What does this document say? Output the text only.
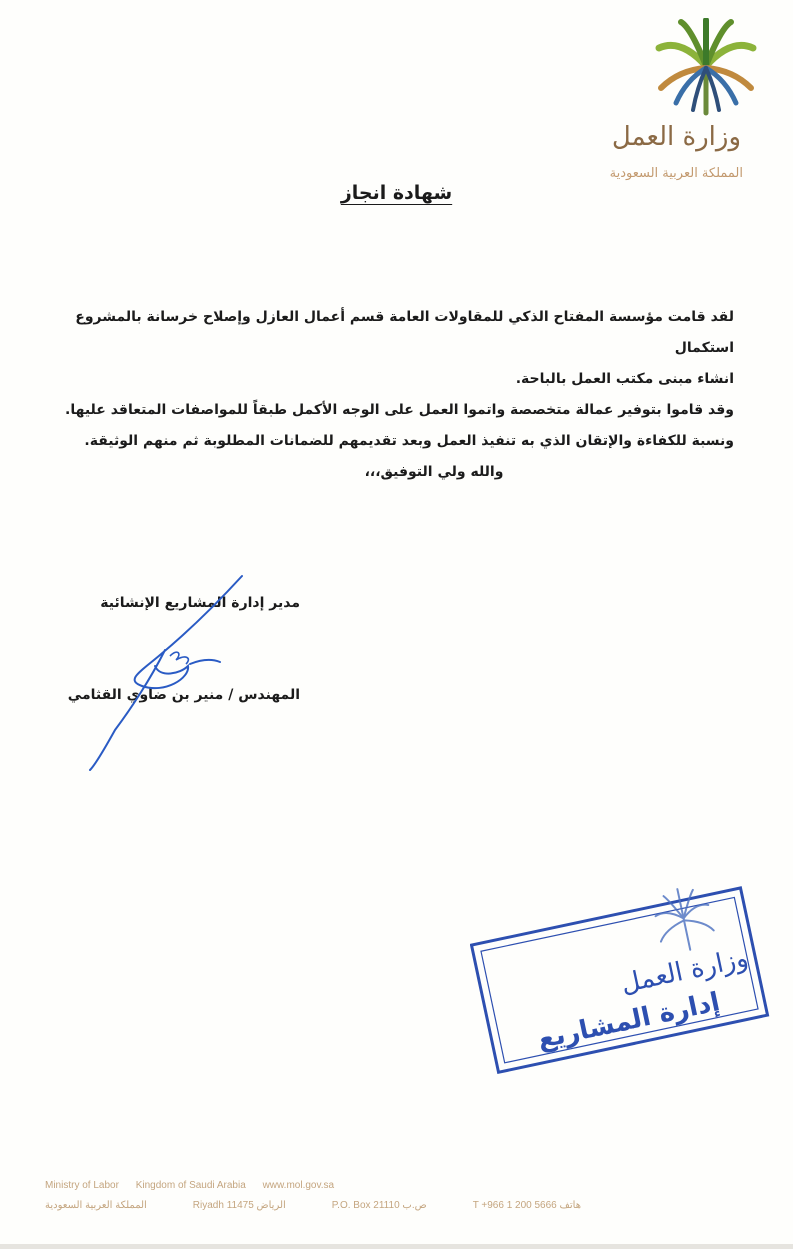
وزارة العمل
المملكة العربية السعودية
شهادة انجاز

لقد قامت مؤسسة المفتاح الذكي للمقاولات العامة قسم أعمال العازل وإصلاح خرسانة بالمشروع استكمال

انشاء مبنى مكتب العمل بالباحة.

وقد قاموا بتوفير عمالة متخصصة واتموا العمل على الوجه الأكمل طبقاً للمواصفات المتعاقد عليها.

ونسبة للكفاءة والإتقان الذي به تنفيذ العمل وبعد تقديمهم للضمانات المطلوبة ثم منهم الوثيقة.

والله ولي التوفيق،،،

مدير إدارة المشاريع الإنشائية
المهندس / منير بن ضاوي القثامي
وزارة العمل
إدارة المشاريع
Ministry of Labor Kingdom of Saudi Arabia www.mol.gov.sa
المملكة العربية السعودية	Riyadh 11475 الرياض	P.O. Box 21110 ص.ب	T +966 1 200 5666 هاتف
